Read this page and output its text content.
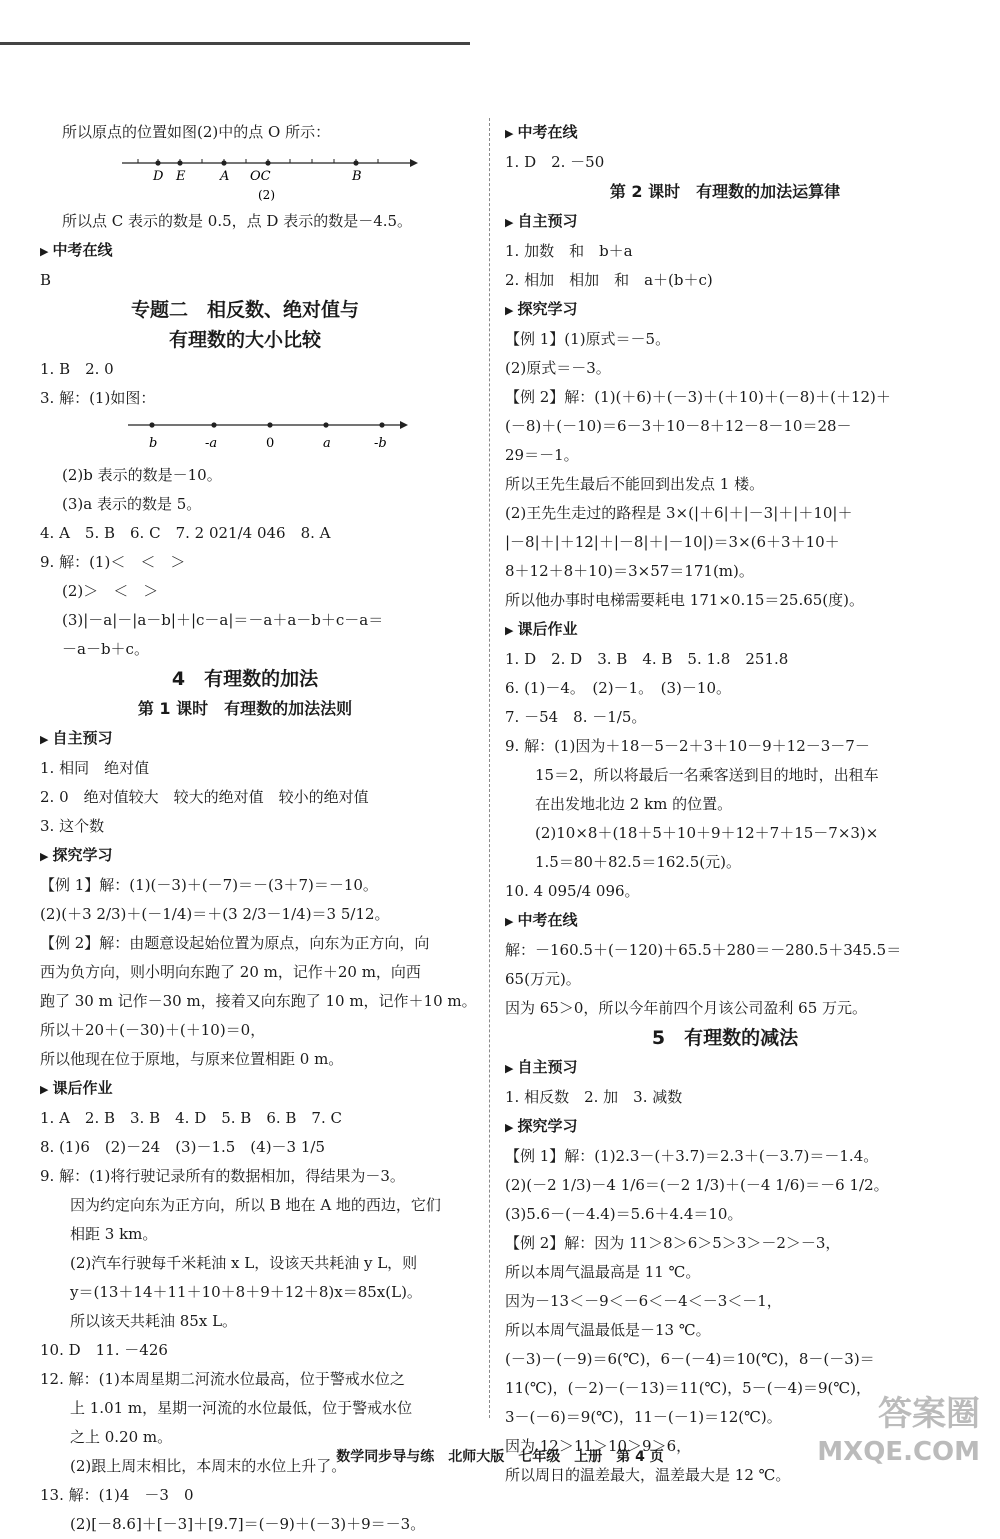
所以原点的位置如图(2)中的点 O 所示：

D E	A OC	B
(2)

所以点 C 表示的数是 0.5，点 D 表示的数是－4.5。

▶ 中考在线

B

专题二　相反数、绝对值与
有理数的大小比较

1. B　2. 0

3. 解：(1)如图：

b	-a	0	a	-b

(2)b 表示的数是－10。

(3)a 表示的数是 5。

4. A　5. B　6. C　7. 2 021/4 046　8. A

9. 解：(1)＜　＜　＞

(2)＞　＜　＞

(3)|－a|－|a－b|＋|c－a|＝－a＋a－b＋c－a＝

－a－b＋c。

4　有理数的加法
第 1 课时　有理数的加法法则
▶ 自主预习

1. 相同　绝对值

2. 0　绝对值较大　较大的绝对值　较小的绝对值

3. 这个数

▶ 探究学习

【例 1】解：(1)(－3)＋(－7)＝－(3＋7)＝－10。

(2)(＋3 2/3)＋(－1/4)＝＋(3 2/3－1/4)＝3 5/12。

【例 2】解：由题意设起始位置为原点，向东为正方向，向

西为负方向，则小明向东跑了 20 m，记作＋20 m，向西

跑了 30 m 记作－30 m，接着又向东跑了 10 m，记作＋10 m。

所以＋20＋(－30)＋(＋10)＝0，

所以他现在位于原地，与原来位置相距 0 m。

▶ 课后作业

1. A　2. B　3. B　4. D　5. B　6. B　7. C

8. (1)6　(2)－24　(3)－1.5　(4)－3 1/5

9. 解：(1)将行驶记录所有的数据相加，得结果为－3。

因为约定向东为正方向，所以 B 地在 A 地的西边，它们

相距 3 km。

(2)汽车行驶每千米耗油 x L，设该天共耗油 y L，则

y＝(13＋14＋11＋10＋8＋9＋12＋8)x＝85x(L)。

所以该天共耗油 85x L。

10. D　11. －426

12. 解：(1)本周星期二河流水位最高，位于警戒水位之

上 1.01 m，星期一河流的水位最低，位于警戒水位

之上 0.20 m。

(2)跟上周末相比，本周末的水位上升了。

13. 解：(1)4　－3　0

(2)[－8.6]＋[－3]＋[9.7]＝(－9)＋(－3)＋9＝－3。

▶ 中考在线

1. D　2. －50

第 2 课时　有理数的加法运算律
▶ 自主预习

1. 加数　和　b＋a

2. 相加　相加　和　a＋(b＋c)

▶ 探究学习

【例 1】(1)原式＝－5。

(2)原式＝－3。

【例 2】解：(1)(＋6)＋(－3)＋(＋10)＋(－8)＋(＋12)＋

(－8)＋(－10)＝6－3＋10－8＋12－8－10＝28－

29＝－1。

所以王先生最后不能回到出发点 1 楼。

(2)王先生走过的路程是 3×(|＋6|＋|－3|＋|＋10|＋

|－8|＋|＋12|＋|－8|＋|－10|)＝3×(6＋3＋10＋

8＋12＋8＋10)＝3×57＝171(m)。

所以他办事时电梯需要耗电 171×0.15＝25.65(度)。

▶ 课后作业

1. D　2. D　3. B　4. B　5. 1.8　251.8

6. (1)－4。　(2)－1。　(3)－10。

7. －54　8. －1/5。

9. 解：(1)因为＋18－5－2＋3＋10－9＋12－3－7－

15＝2，所以将最后一名乘客送到目的地时，出租车

在出发地北边 2 km 的位置。

(2)10×8＋(18＋5＋10＋9＋12＋7＋15－7×3)×

1.5＝80＋82.5＝162.5(元)。

10. 4 095/4 096。

▶ 中考在线

解：－160.5＋(－120)＋65.5＋280＝－280.5＋345.5＝

65(万元)。

因为 65＞0，所以今年前四个月该公司盈利 65 万元。

5　有理数的减法
▶ 自主预习

1. 相反数　2. 加　3. 减数

▶ 探究学习

【例 1】解：(1)2.3－(＋3.7)＝2.3＋(－3.7)＝－1.4。

(2)(－2 1/3)－4 1/6＝(－2 1/3)＋(－4 1/6)＝－6 1/2。

(3)5.6－(－4.4)＝5.6＋4.4＝10。

【例 2】解：因为 11＞8＞6＞5＞3＞－2＞－3，

所以本周气温最高是 11 ℃。

因为－13＜－9＜－6＜－4＜－3＜－1，

所以本周气温最低是－13 ℃。

(－3)－(－9)＝6(℃)，6－(－4)＝10(℃)，8－(－3)＝

11(℃)，(－2)－(－13)＝11(℃)，5－(－4)＝9(℃)，

3－(－6)＝9(℃)，11－(－1)＝12(℃)。

因为 12＞11＞10＞9＞6，

所以周日的温差最大，温差最大是 12 ℃。

数学同步导与练　北师大版　七年级　上册　第 4 页
答案圈
MXQE.COM
